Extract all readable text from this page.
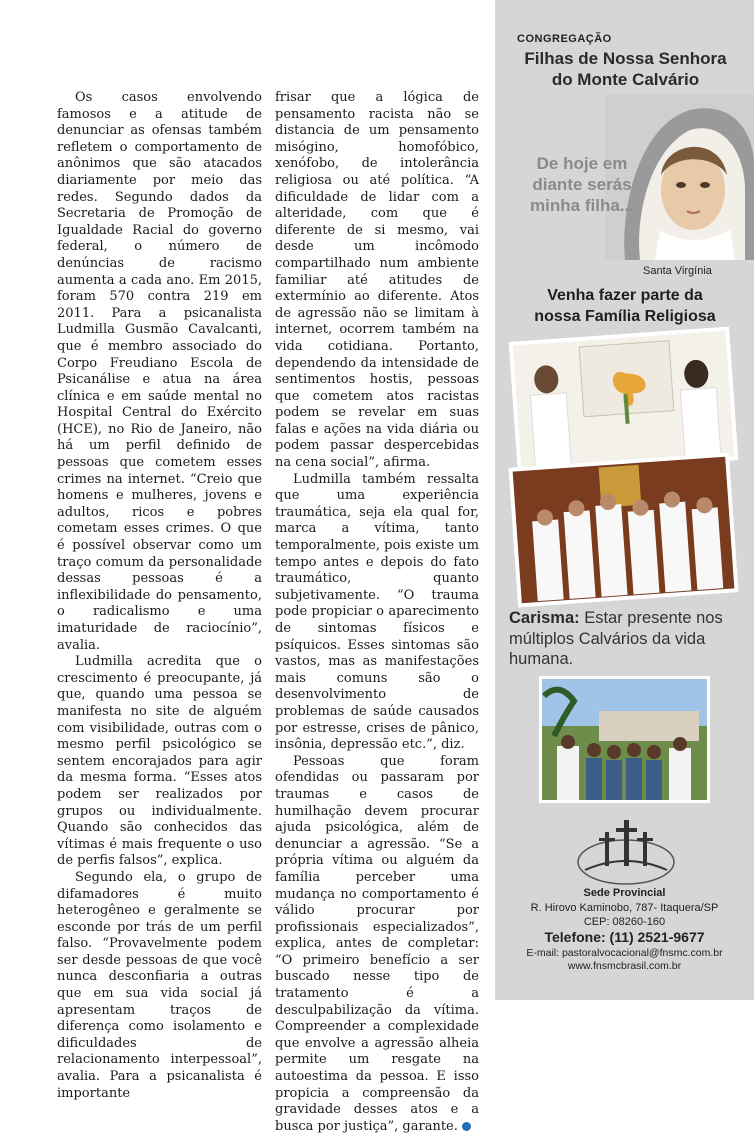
Os casos envolvendo famosos e a atitude de denunciar as ofensas também refletem o comportamento de anônimos que são atacados diariamente por meio das redes. Segundo dados da Secretaria de Promoção de Igualdade Racial do governo federal, o número de denúncias de racismo aumenta a cada ano. Em 2015, foram 570 contra 219 em 2011. Para a psicanalista Ludmilla Gusmão Cavalcanti, que é membro associado do Corpo Freudiano Escola de Psicanálise e atua na área clínica e em saúde mental no Hospital Central do Exército (HCE), no Rio de Janeiro, não há um perfil definido de pessoas que cometem esses crimes na internet. “Creio que homens e mulheres, jovens e adultos, ricos e pobres cometam esses crimes. O que é possível observar como um traço comum da personalidade dessas pessoas é a inflexibilidade do pensamento, o radicalismo e uma imaturidade de raciocínio”, avalia.

Ludmilla acredita que o crescimento é preocupante, já que, quando uma pessoa se manifesta no site de alguém com visibilidade, outras com o mesmo perfil psicológico se sentem encorajados para agir da mesma forma. “Esses atos podem ser realizados por grupos ou individualmente. Quando são conhecidos das vítimas é mais frequente o uso de perfis falsos”, explica.

Segundo ela, o grupo de difamadores é muito heterogêneo e geralmente se esconde por trás de um perfil falso. “Provavelmente podem ser desde pessoas de que você nunca desconfiaria a outras que em sua vida social já apresentam traços de diferença como isolamento e dificuldades de relacionamento interpessoal”, avalia. Para a psicanalista é importante

frisar que a lógica de pensamento racista não se distancia de um pensamento misógino, homofóbico, xenófobo, de intolerância religiosa ou até política. “A dificuldade de lidar com a alteridade, com que é diferente de si mesmo, vai desde um incômodo compartilhado num ambiente familiar até atitudes de extermínio ao diferente. Atos de agressão não se limitam à internet, ocorrem também na vida cotidiana. Portanto, dependendo da intensidade de sentimentos hostis, pessoas que cometem atos racistas podem se revelar em suas falas e ações na vida diária ou podem passar despercebidas na cena social”, afirma.

Ludmilla também ressalta que uma experiência traumática, seja ela qual for, marca a vítima, tanto temporalmente, pois existe um tempo antes e depois do fato traumático, quanto subjetivamente. “O trauma pode propiciar o aparecimento de sintomas físicos e psíquicos. Esses sintomas são vastos, mas as manifestações mais comuns são o desenvolvimento de problemas de saúde causados por estresse, crises de pânico, insônia, depressão etc.”, diz.

Pessoas que foram ofendidas ou passaram por traumas e casos de humilhação devem procurar ajuda psicológica, além de denunciar a agressão. “Se a própria vítima ou alguém da família perceber uma mudança no comportamento é válido procurar por profissionais especializados”, explica, antes de completar: “O primeiro benefício a ser buscado nesse tipo de tratamento é a desculpabilização da vítima. Compreender a complexidade que envolve a agressão alheia permite um resgate na autoestima da pessoa. E isso propicia a compreensão da gravidade desses atos e a busca por justiça”, garante.

CONGREGAÇÃO
Filhas de Nossa Senhora
do Monte Calvário
De hoje em
diante serás
minha filha...
Santa Virgínia
Venha fazer parte da
nossa Família Religiosa
Carisma: Estar presente nos múltiplos Calvários da vida humana.
Sede Provincial
R. Hirovo Kaminobo, 787- Itaquera/SP
CEP: 08260-160
Telefone: (11) 2521-9677
E-mail: pastoralvocacional@fnsmc.com.br
www.fnsmcbrasil.com.br
